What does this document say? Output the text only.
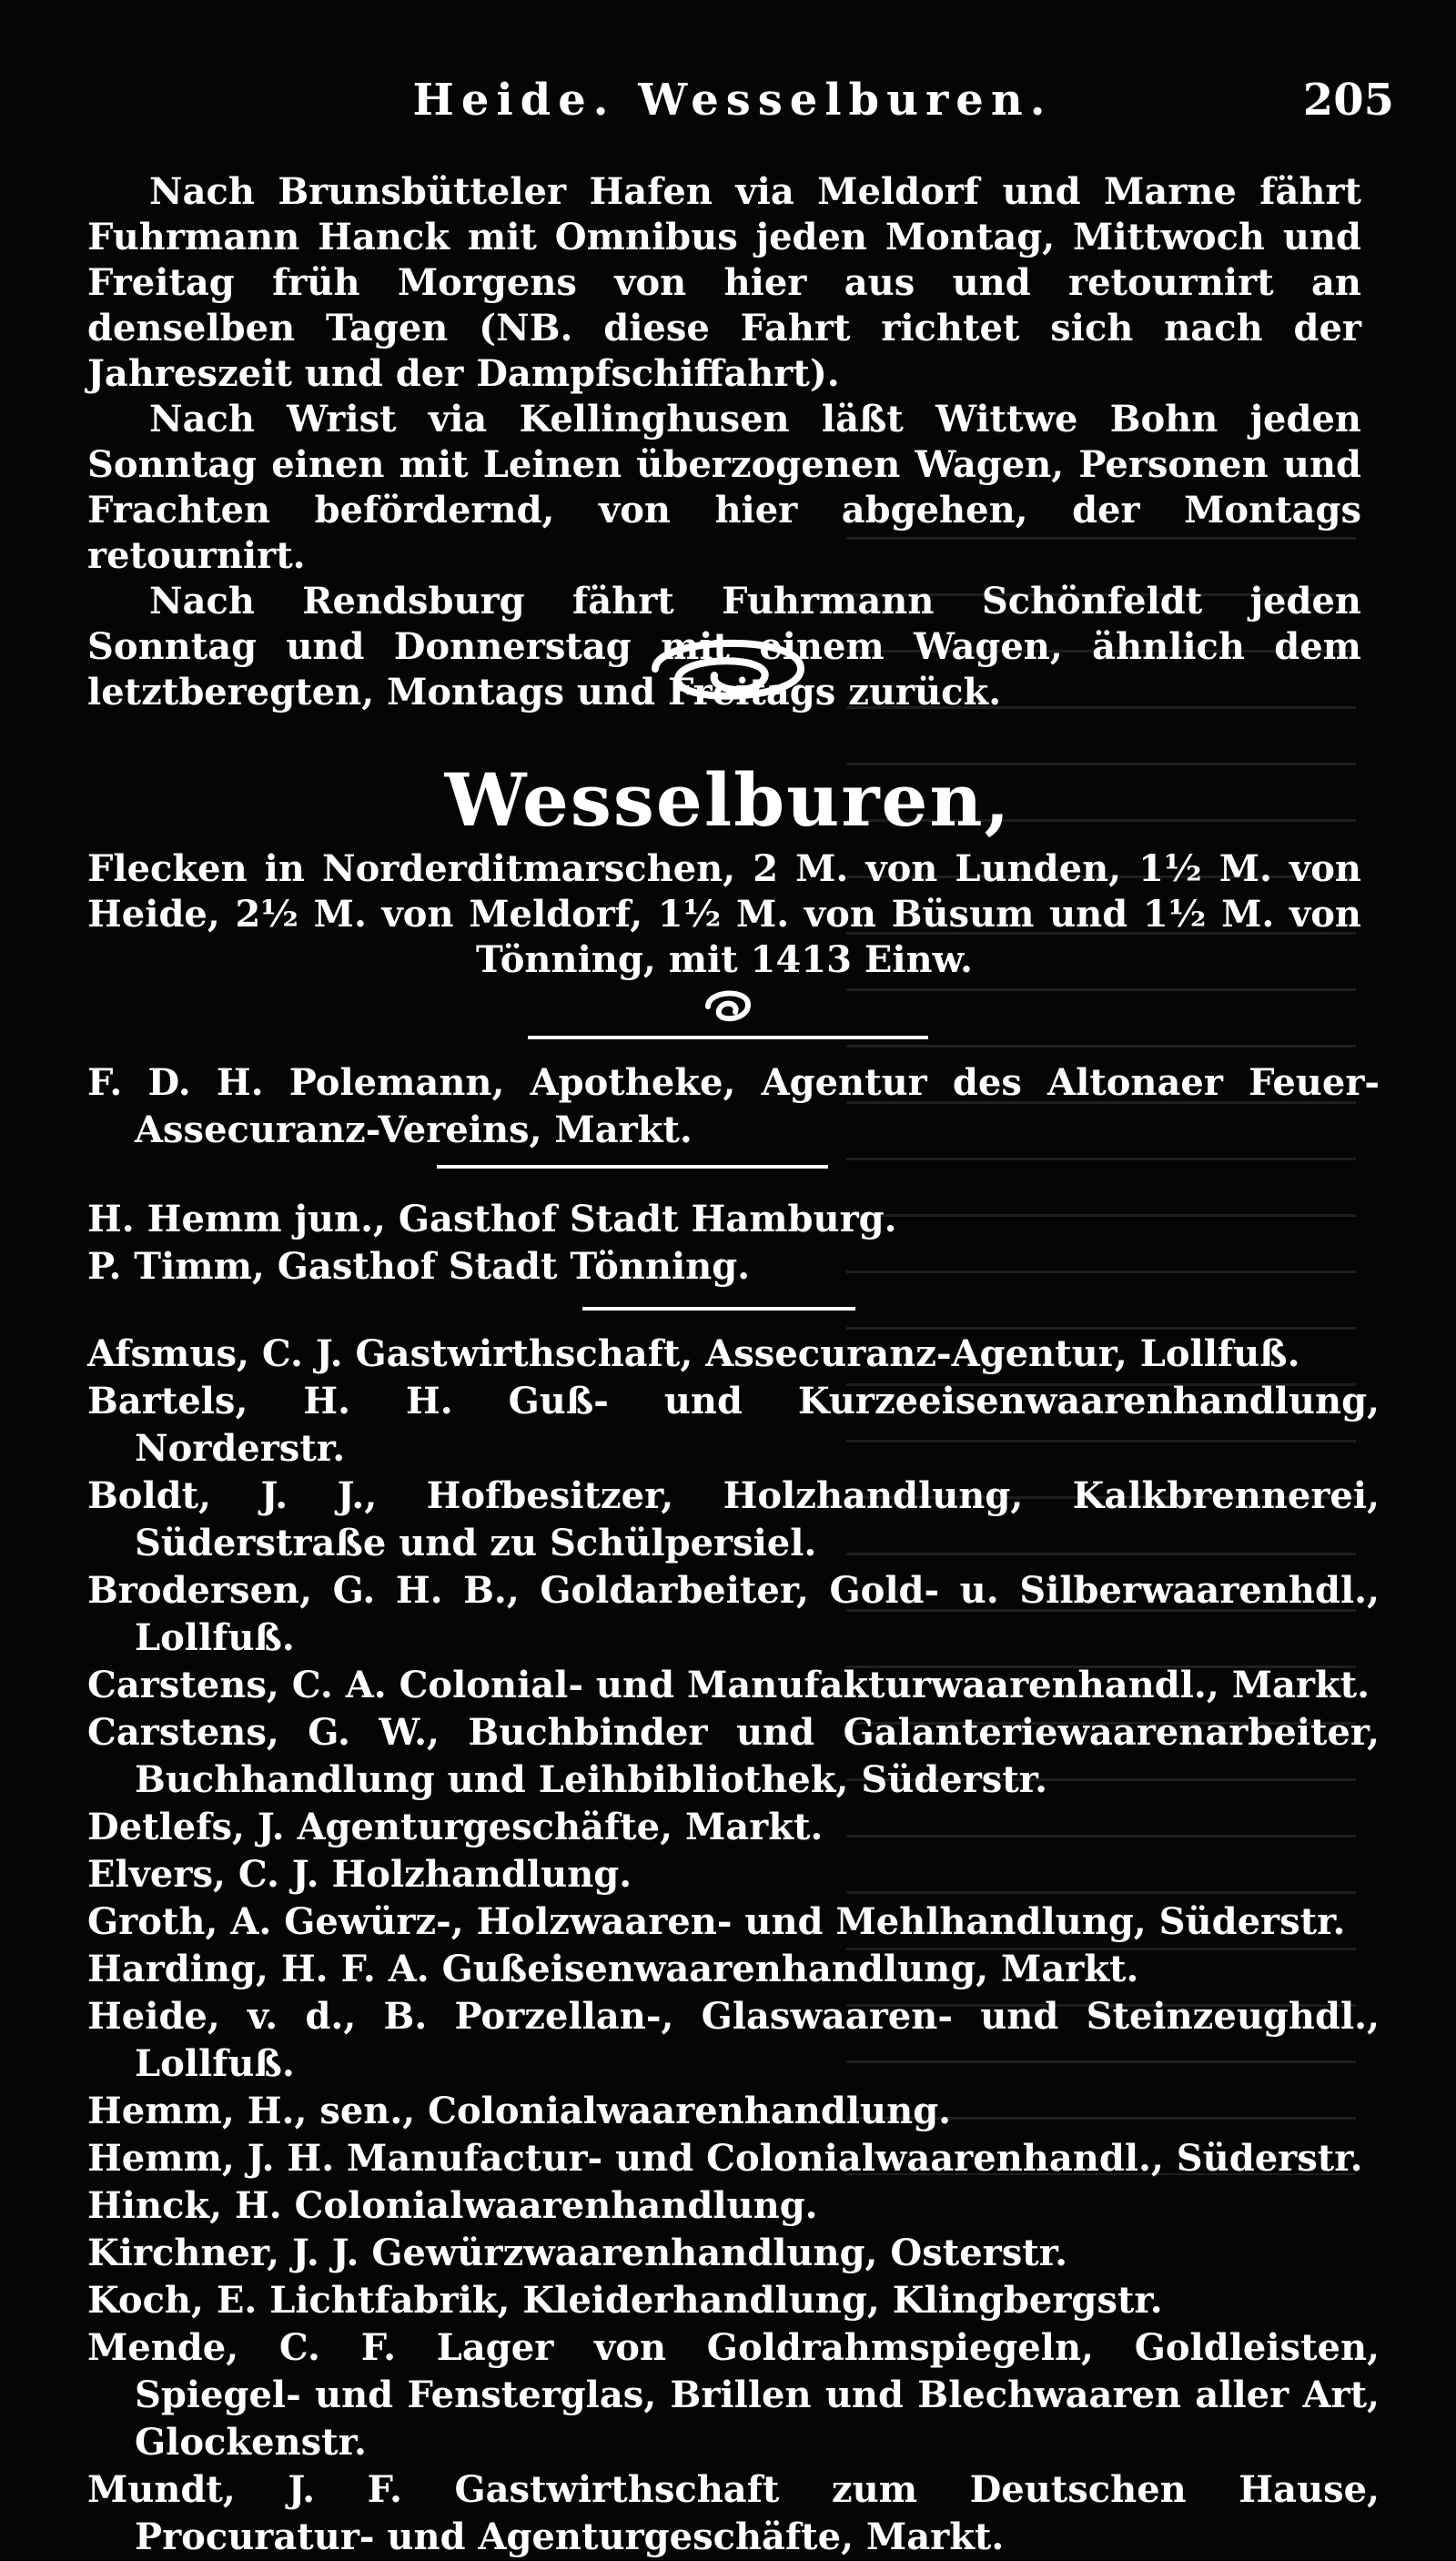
Heide. Wesselburen.	205

Nach Brunsbütteler Hafen via Meldorf und Marne fährt Fuhrmann Hanck mit Omnibus jeden Montag, Mittwoch und Freitag früh Morgens von hier aus und retournirt an denselben Tagen (NB. diese Fahrt richtet sich nach der Jahreszeit und der Dampfschiffahrt).

Nach Wrist via Kellinghusen läßt Wittwe Bohn jeden Sonntag einen mit Leinen überzogenen Wagen, Personen und Frachten befördernd, von hier abgehen, der Montags retournirt.

Nach Rendsburg fährt Fuhrmann Schönfeldt jeden Sonntag und Donnerstag mit einem Wagen, ähnlich dem letztberegten, Montags und Freitags zurück.

Wesselburen,
Flecken in Norderditmarschen, 2 M. von Lunden, 1½ M. von Heide, 2½ M. von Meldorf, 1½ M. von Büsum und 1½ M. von Tönning, mit 1413 Einw.

F. D. H. Polemann, Apotheke, Agentur des Altonaer Feuer-Assecuranz-Vereins, Markt.

H. Hemm jun., Gasthof Stadt Hamburg.

P. Timm, Gasthof Stadt Tönning.

Afsmus, C. J. Gastwirthschaft, Assecuranz-Agentur, Lollfuß.

Bartels, H. H. Guß- und Kurzeeisenwaarenhandlung, Norderstr.

Boldt, J. J., Hofbesitzer, Holzhandlung, Kalkbrennerei, Süderstraße und zu Schülpersiel.

Brodersen, G. H. B., Goldarbeiter, Gold- u. Silberwaarenhdl., Lollfuß.

Carstens, C. A. Colonial- und Manufakturwaarenhandl., Markt.

Carstens, G. W., Buchbinder und Galanteriewaarenarbeiter, Buchhandlung und Leihbibliothek, Süderstr.

Detlefs, J. Agenturgeschäfte, Markt.

Elvers, C. J. Holzhandlung.

Groth, A. Gewürz-, Holzwaaren- und Mehlhandlung, Süderstr.

Harding, H. F. A. Gußeisenwaarenhandlung, Markt.

Heide, v. d., B. Porzellan-, Glaswaaren- und Steinzeughdl., Lollfuß.

Hemm, H., sen., Colonialwaarenhandlung.

Hemm, J. H. Manufactur- und Colonialwaarenhandl., Süderstr.

Hinck, H. Colonialwaarenhandlung.

Kirchner, J. J. Gewürzwaarenhandlung, Osterstr.

Koch, E. Lichtfabrik, Kleiderhandlung, Klingbergstr.

Mende, C. F. Lager von Goldrahmspiegeln, Goldleisten, Spiegel- und Fensterglas, Brillen und Blechwaaren aller Art, Glockenstr.

Mundt, J. F. Gastwirthschaft zum Deutschen Hause, Procuratur- und Agenturgeschäfte, Markt.
